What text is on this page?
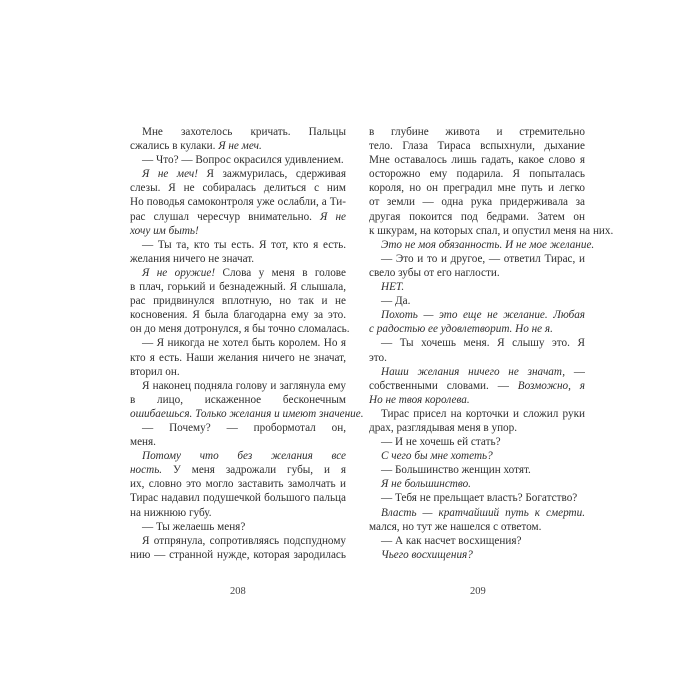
Мне захотелось кричать. Пальцы
сжались в кулаки. Я не меч.
— Что? — Вопрос окрасился удивлением.
Я не меч! Я зажмурилась, сдерживая
слезы. Я не собиралась делиться с ним
Но поводья самоконтроля уже ослабли, а Ти-
рас слушал чересчур внимательно. Я не
хочу им быть!
— Ты та, кто ты есть. Я тот, кто я есть.
желания ничего не значат.
Я не оружие! Слова у меня в голове
в плач, горький и безнадежный. Я слышала,
рас придвинулся вплотную, но так и не
косновения. Я была благодарна ему за это.
он до меня дотронулся, я бы точно сломалась.
— Я никогда не хотел быть королем. Но я
кто я есть. Наши желания ничего не значат,
вторил он.
Я наконец подняла голову и заглянула ему
в лицо, искаженное бесконечным
ошибаешься. Только желания и имеют значение.
— Почему? — пробормотал он,
меня.
Потому что без желания все
ность. У меня задрожали губы, и я
их, словно это могло заставить замолчать и
Тирас надавил подушечкой большого пальца
на нижнюю губу.
— Ты желаешь меня?
Я отпрянула, сопротивляясь подспудному
нию — странной нужде, которая зародилась
в глубине живота и стремительно
тело. Глаза Тираса вспыхнули, дыхание
Мне оставалось лишь гадать, какое слово я
осторожно ему подарила. Я попыталась
короля, но он преградил мне путь и легко
от земли — одна рука придерживала за
другая покоится под бедрами. Затем он
к шкурам, на которых спал, и опустил меня на них.
Это не моя обязанность. И не мое желание.
— Это и то и другое, — ответил Тирас, и
свело зубы от его наглости.
НЕТ.
— Да.
Похоть — это еще не желание. Любая
с радостью ее удовлетворит. Но не я.
— Ты хочешь меня. Я слышу это. Я
это.
Наши желания ничего не значат, —
собственными словами. — Возможно, я
Но не твоя королева.
Тирас присел на корточки и сложил руки
драх, разглядывая меня в упор.
— И не хочешь ей стать?
С чего бы мне хотеть?
— Большинство женщин хотят.
Я не большинство.
— Тебя не прельщает власть? Богатство?
Власть — кратчайший путь к смерти.
мался, но тут же нашелся с ответом.
— А как насчет восхищения?
Чьего восхищения?
208	209
